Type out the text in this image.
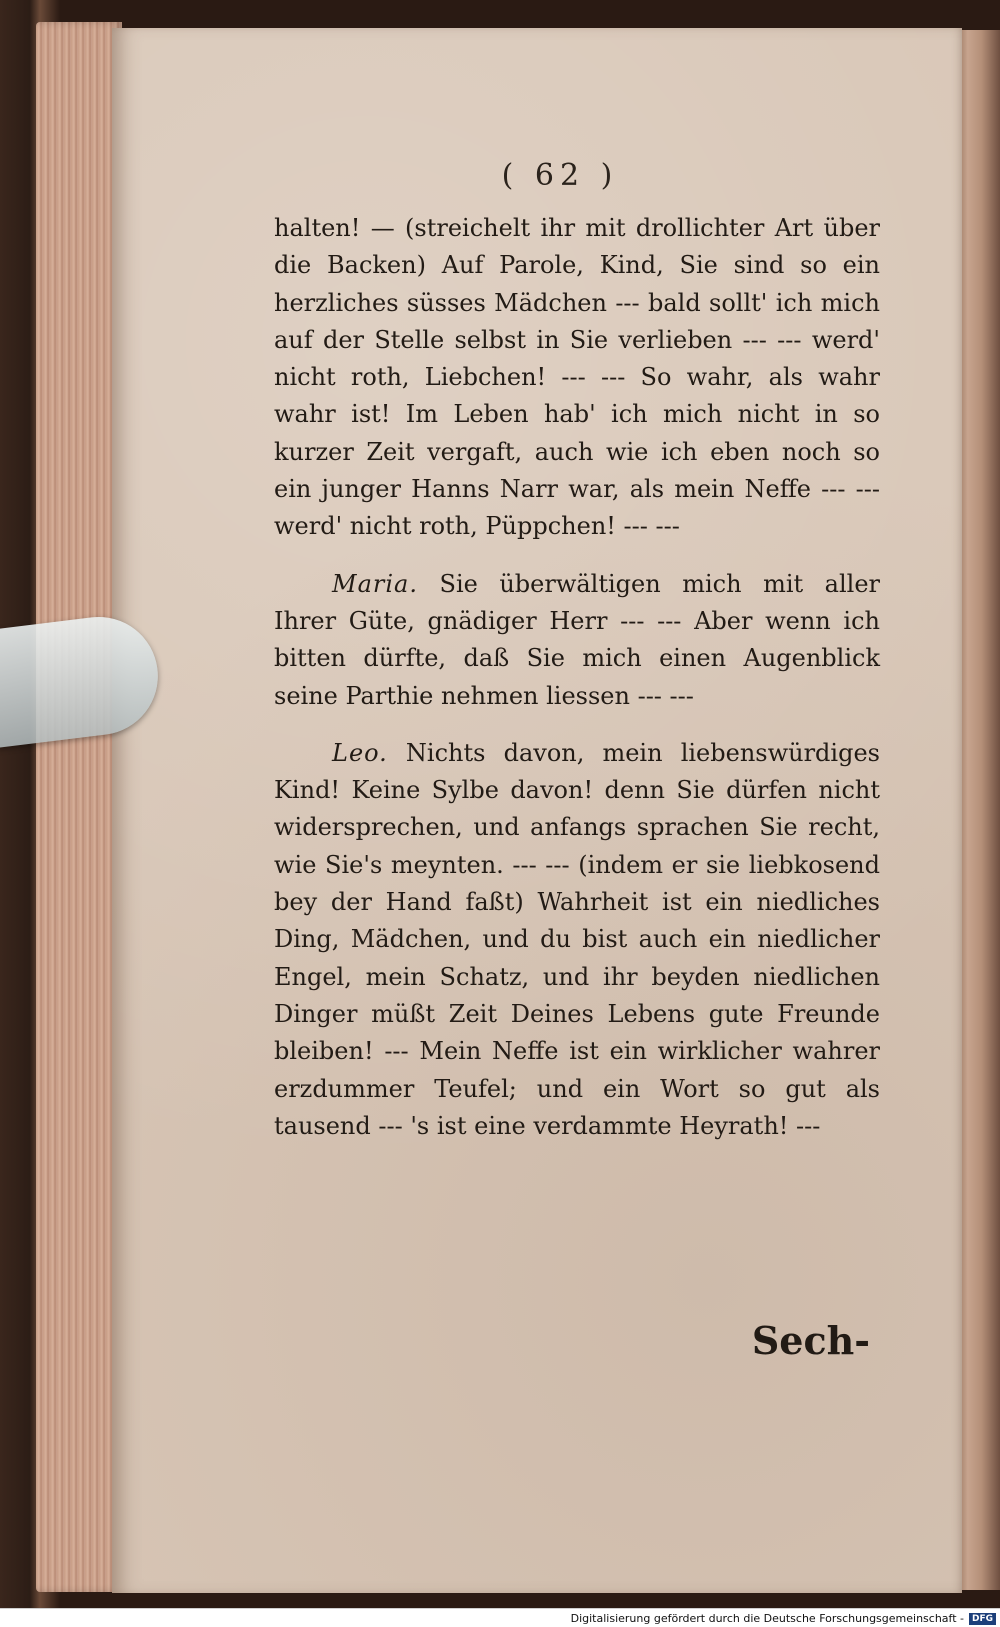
( 62 )

halten! — (streichelt ihr mit drollichter Art über die Backen) Auf Parole, Kind, Sie sind so ein herzliches süsses Mädchen --- bald sollt' ich mich auf der Stelle selbst in Sie verlieben --- --- werd' nicht roth, Liebchen! --- --- So wahr, als wahr wahr ist! Im Leben hab' ich mich nicht in so kurzer Zeit vergaft, auch wie ich eben noch so ein junger Hanns Narr war, als mein Neffe --- --- werd' nicht roth, Püppchen! --- ---

Maria. Sie überwältigen mich mit aller Ihrer Güte, gnädiger Herr --- --- Aber wenn ich bitten dürfte, daß Sie mich einen Augenblick seine Parthie nehmen liessen --- ---

Leo. Nichts davon, mein liebenswürdiges Kind! Keine Sylbe davon! denn Sie dürfen nicht widersprechen, und anfangs sprachen Sie recht, wie Sie's meynten. --- --- (indem er sie liebkosend bey der Hand faßt) Wahrheit ist ein niedliches Ding, Mädchen, und du bist auch ein niedlicher Engel, mein Schatz, und ihr beyden niedlichen Dinger müßt Zeit Deines Lebens gute Freunde bleiben! --- Mein Neffe ist ein wirklicher wahrer erzdummer Teufel; und ein Wort so gut als tausend --- 's ist eine verdammte Heyrath! ---

Sech-
Digitalisierung gefördert durch die Deutsche Forschungsgemeinschaft - DFG
